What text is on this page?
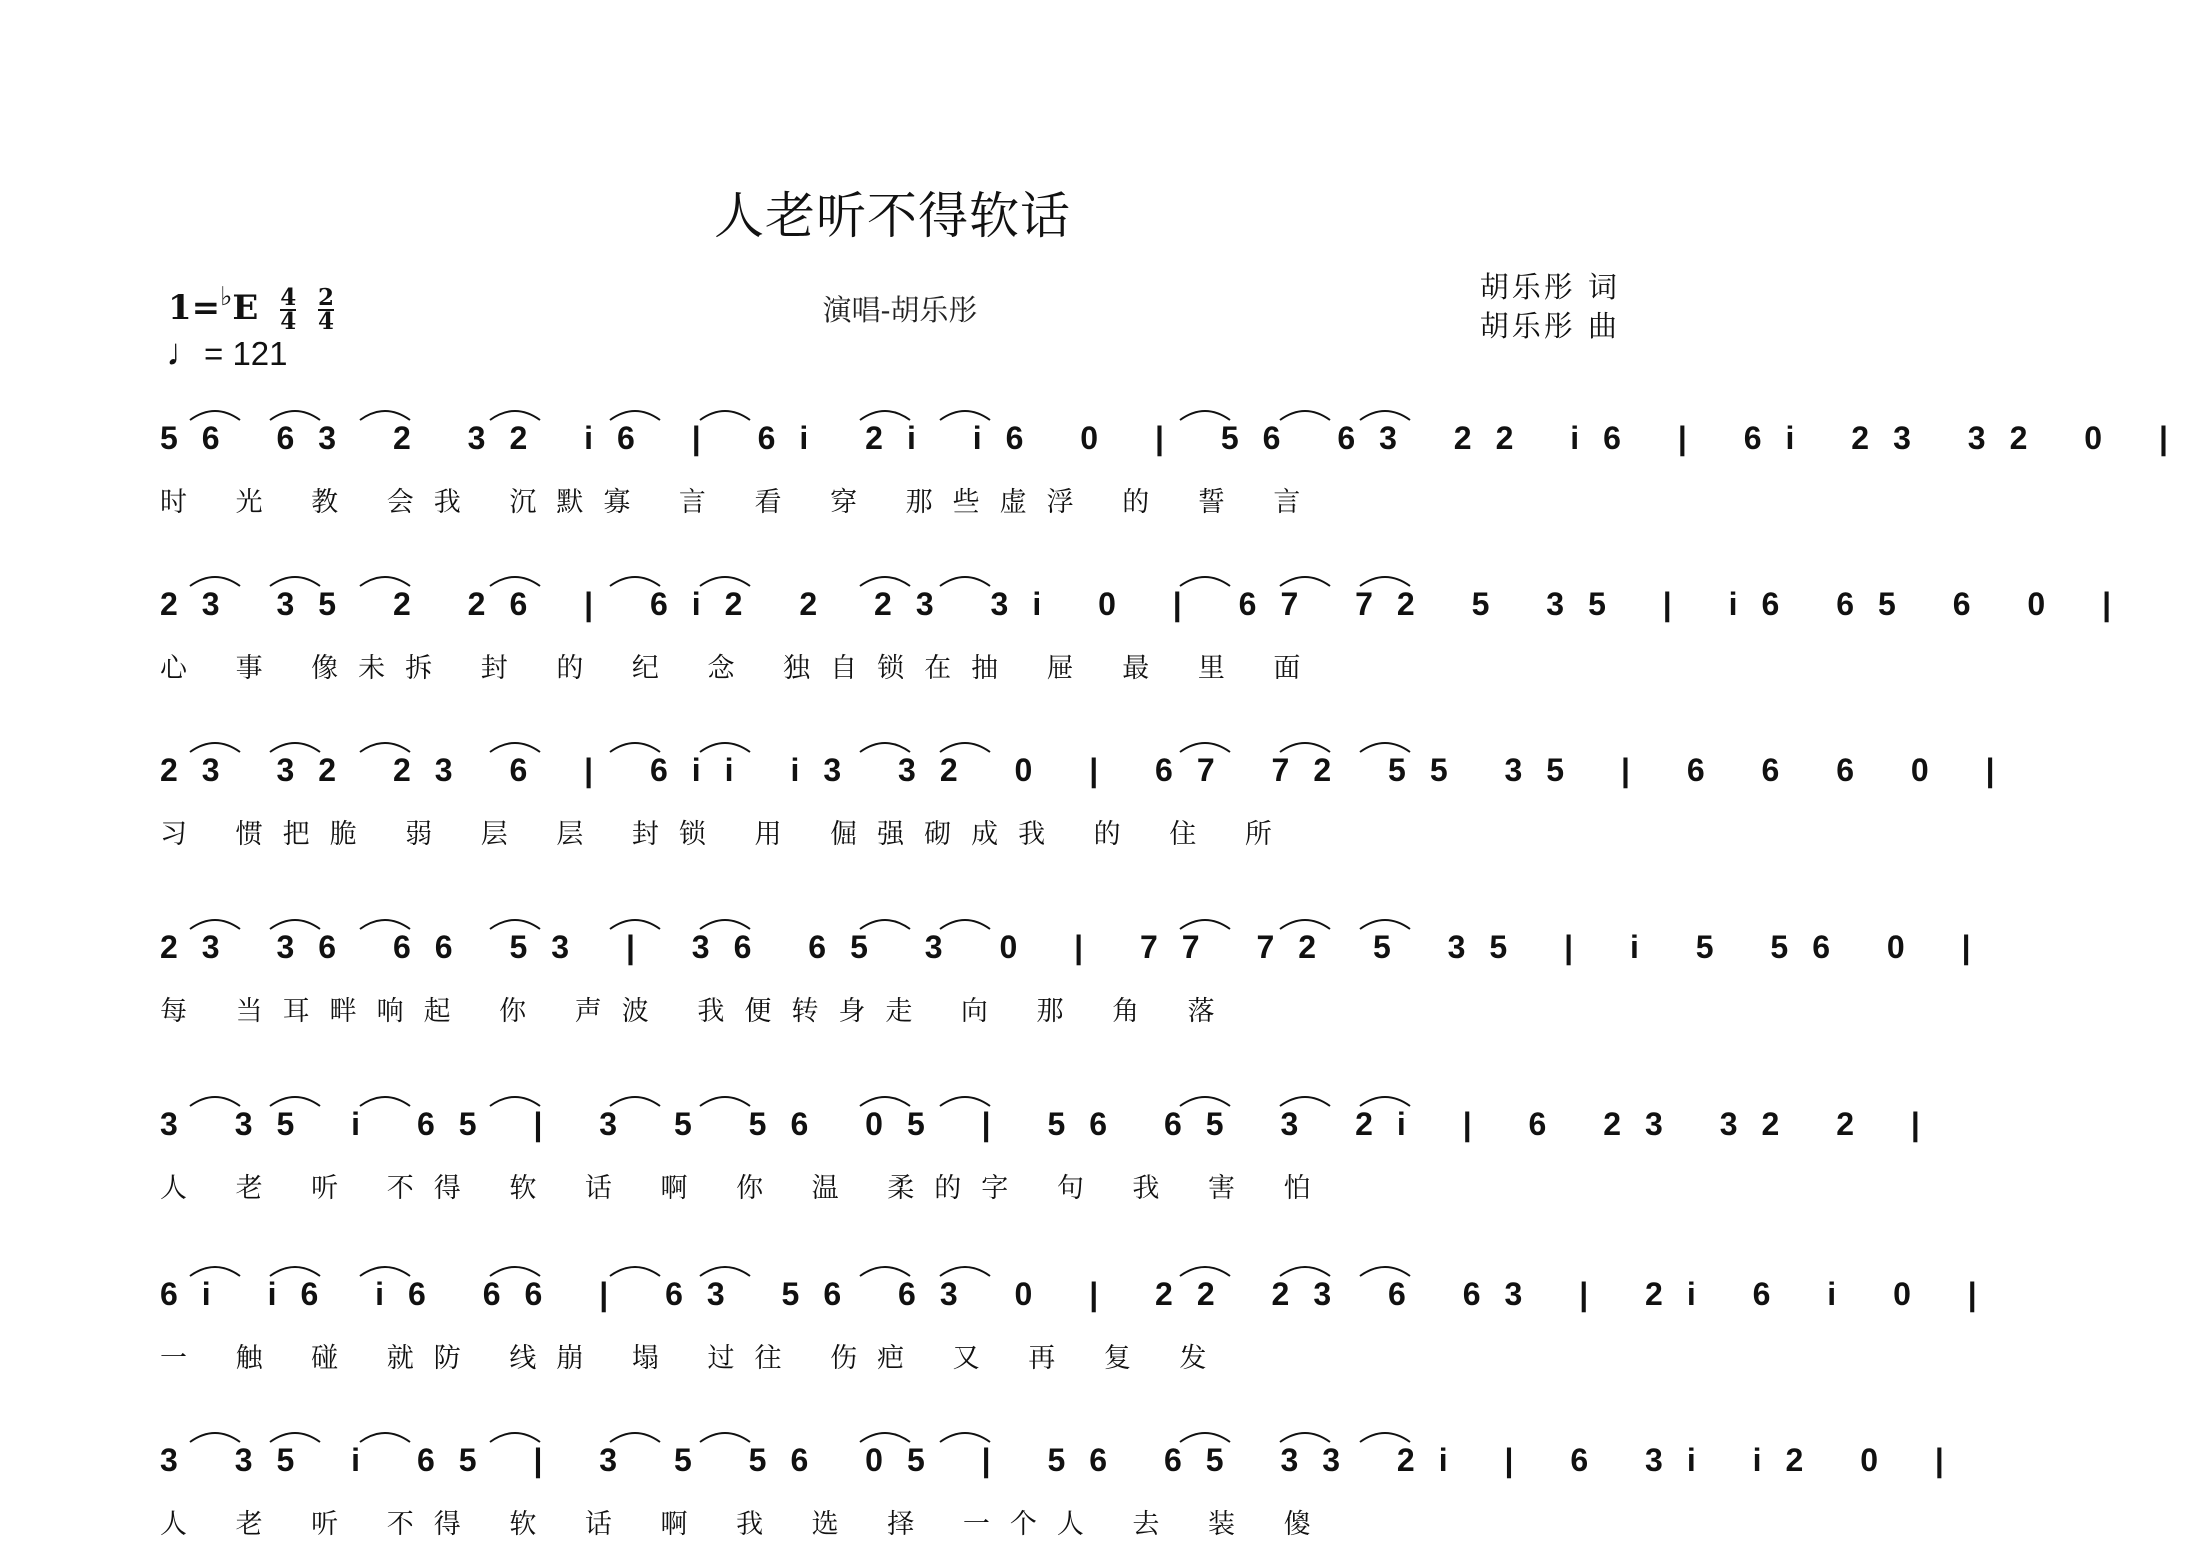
人老听不得软话
$1=^♭E \frac{4}{4}$
$\frac{2}{4}$
♩= 121
演唱-胡乐彤
胡乐彤 词
胡乐彤 曲
56 63 2 32 i6 | 6i 2i i6 0 | 56 63 22 i6 | 6i 23 32 0 |
时 光 教 会我 沉默寡 言 看 穿 那些虚浮 的 誓 言
23 35 2 26 | 6i2 2 23 3i 0 | 67 72 5 35 | i6 65 6 0 |
心 事 像未拆 封 的 纪 念 独自锁在抽 屉 最 里 面
23 32 23 6 | 6ii i3 32 0 | 67 72 55 35 | 6 6 6 0 |
习 惯把脆 弱 层 层 封锁 用 倔强砌成我 的 住 所
23 36 66 53 | 36 65 3 0 | 77 72 5 35 | i 5 56 0 |
每 当耳畔响起 你 声波 我便转身走 向 那 角 落
3 35 i 65 | 3 5 56 05 | 56 65 3 2i | 6 23 32 2 |
人 老 听 不得 软 话 啊 你 温 柔的字 句 我 害 怕
6i i6 i6 66 | 63 56 63 0 | 22 23 6 63 | 2i 6 i 0 |
一 触 碰 就防 线崩 塌 过往 伤疤 又 再 复 发
3 35 i 65 | 3 5 56 05 | 56 65 33 2i | 6 3i i2 0 |
人 老 听 不得 软 话 啊 我 选 择 一个人 去 装 傻
